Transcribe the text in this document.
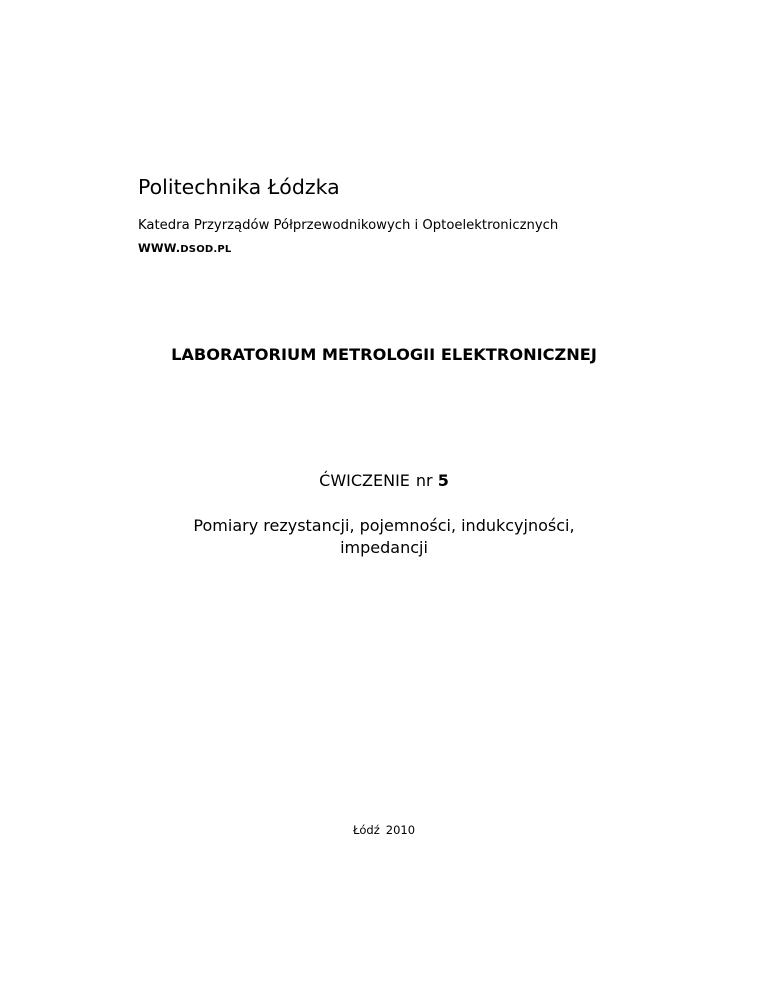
Politechnika Łódzka

Katedra Przyrządów Półprzewodnikowych i Optoelektronicznych

WWW.DSOD.PL

LABORATORIUM METROLOGII ELEKTRONICZNEJ

ĆWICZENIE nr 5

Pomiary rezystancji, pojemności, indukcyjności,
impedancji

Łódź 2010
